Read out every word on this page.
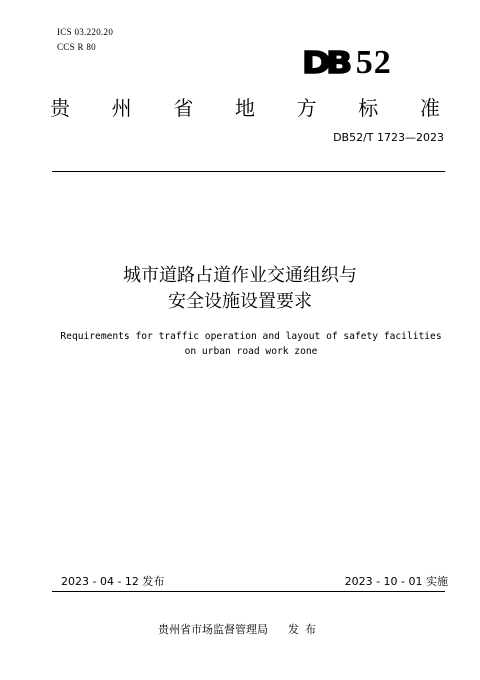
ICS 03.220.20
CCS R 80	DB 52
贵 州 省 地 方 标 准
DB52/T 1723—2023
城市道路占道作业交通组织与
安全设施设置要求
Requirements for traffic operation and layout of safety facilities
on urban road work zone
2023 - 04 - 12 发布	2023 - 10 - 01 实施
贵州省市场监督管理局 发布
